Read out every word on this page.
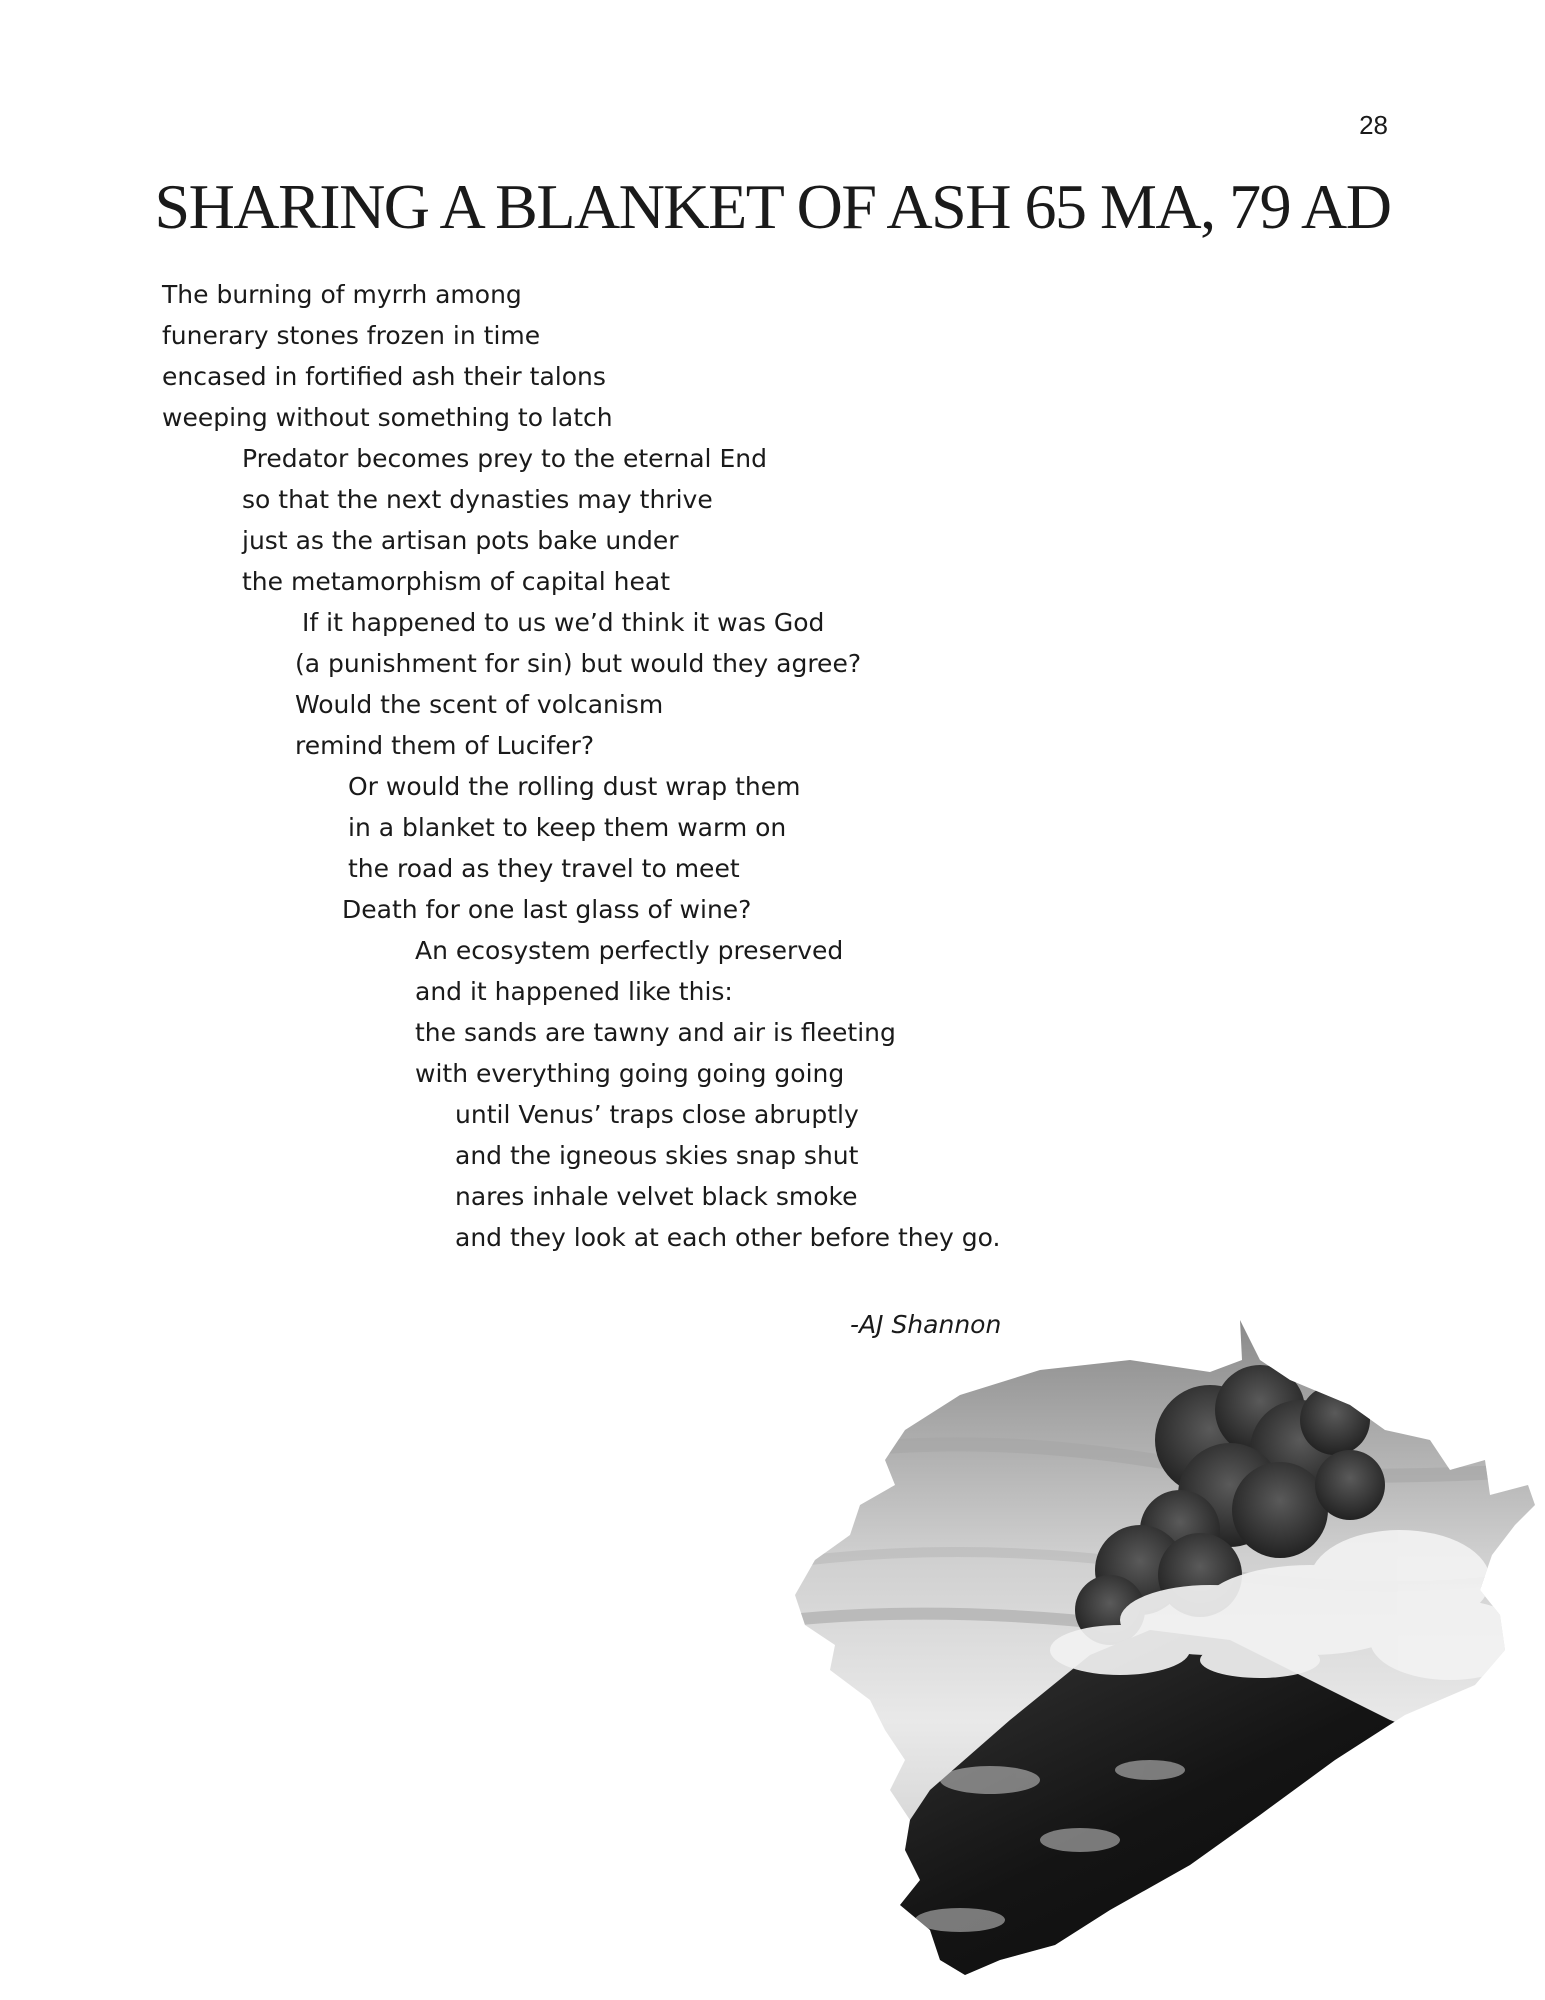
28
SHARING A BLANKET OF ASH 65 MA, 79 AD
The burning of myrrh among
funerary stones frozen in time
encased in fortified ash their talons
weeping without something to latch
Predator becomes prey to the eternal End
so that the next dynasties may thrive
just as the artisan pots bake under
the metamorphism of capital heat
If it happened to us we’d think it was God
(a punishment for sin) but would they agree?
Would the scent of volcanism
remind them of Lucifer?
Or would the rolling dust wrap them
in a blanket to keep them warm on
the road as they travel to meet
Death for one last glass of wine?
An ecosystem perfectly preserved
and it happened like this:
the sands are tawny and air is fleeting
with everything going going going
until Venus’ traps close abruptly
and the igneous skies snap shut
nares inhale velvet black smoke
and they look at each other before they go.
-AJ Shannon
